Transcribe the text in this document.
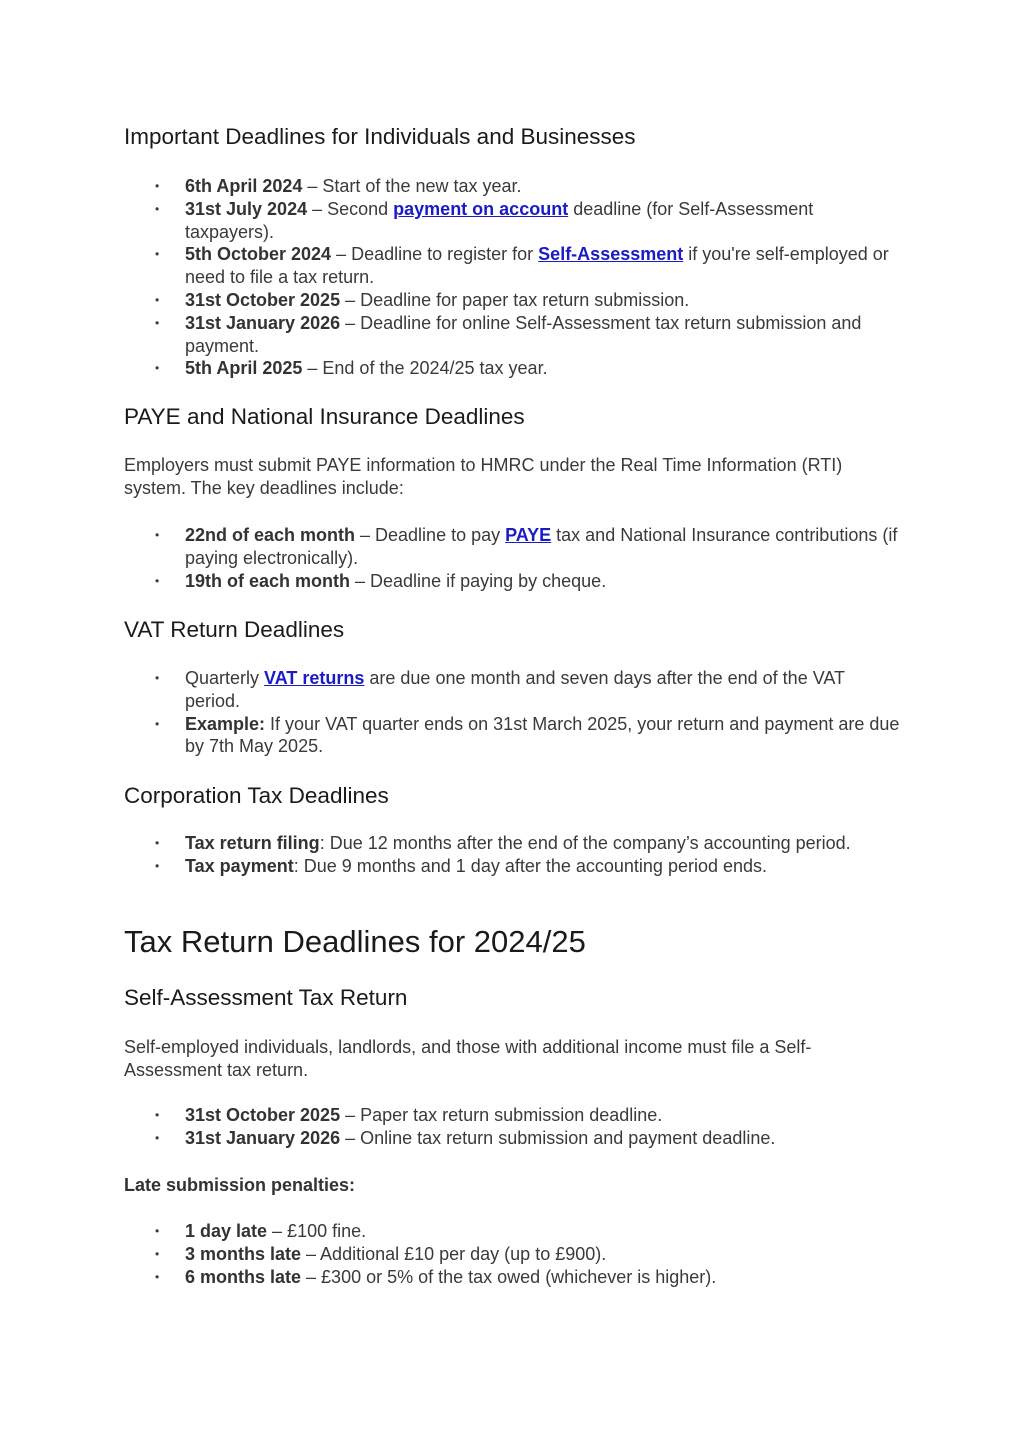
Important Deadlines for Individuals and Businesses
• 6th April 2024 – Start of the new tax year.
• 31st July 2024 – Second payment on account deadline (for Self-Assessment taxpayers).
• 5th October 2024 – Deadline to register for Self-Assessment if you're self-employed or need to file a tax return.
• 31st October 2025 – Deadline for paper tax return submission.
• 31st January 2026 – Deadline for online Self-Assessment tax return submission and payment.
• 5th April 2025 – End of the 2024/25 tax year.
PAYE and National Insurance Deadlines

Employers must submit PAYE information to HMRC under the Real Time Information (RTI) system. The key deadlines include:

• 22nd of each month – Deadline to pay PAYE tax and National Insurance contributions (if paying electronically).
• 19th of each month – Deadline if paying by cheque.
VAT Return Deadlines
• Quarterly VAT returns are due one month and seven days after the end of the VAT period.
• Example: If your VAT quarter ends on 31st March 2025, your return and payment are due by 7th May 2025.
Corporation Tax Deadlines
• Tax return filing: Due 12 months after the end of the company’s accounting period.
• Tax payment: Due 9 months and 1 day after the accounting period ends.
Tax Return Deadlines for 2024/25
Self-Assessment Tax Return

Self-employed individuals, landlords, and those with additional income must file a Self-Assessment tax return.

• 31st October 2025 – Paper tax return submission deadline.
• 31st January 2026 – Online tax return submission and payment deadline.

Late submission penalties:

• 1 day late – £100 fine.
• 3 months late – Additional £10 per day (up to £900).
• 6 months late – £300 or 5% of the tax owed (whichever is higher).
